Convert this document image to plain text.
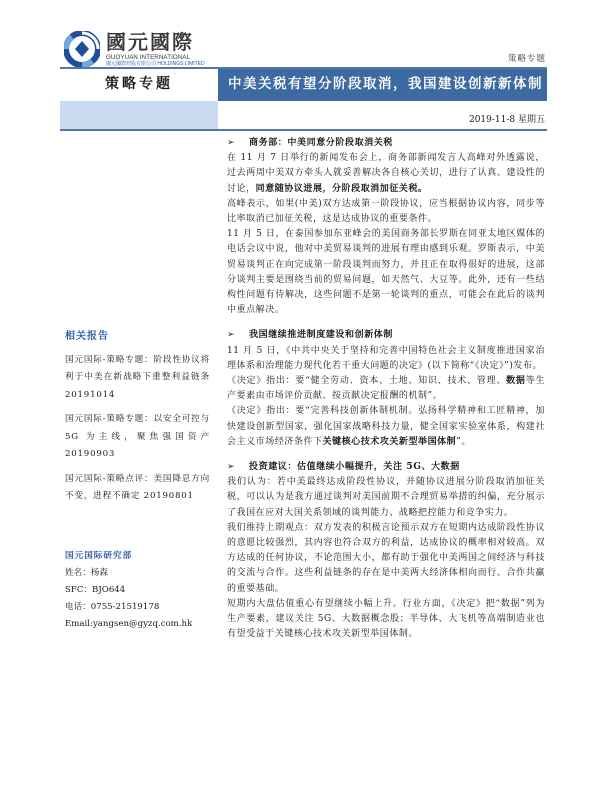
國元國際
GUOYUAN INTERNATIONAL
國元國際控股有限公司 HOLDINGS LIMITED	策略专题
策略专题	中美关税有望分阶段取消，我国建设创新新体制
2019-11-8 星期五
相关报告
国元国际-策略专题：阶段性协议将利于中美在新战略下重整利益链条 20191014
国元国际-策略专题：以安全可控与 5G 为主线，聚焦强国资产 20190903
国元国际-策略点评：美国降息方向不变，进程不确定 20190801
国元国际研究部
姓名：杨森
SFC：BJO644
电话：0755-21519178
Email:yangsen@gyzq.com.hk
➢ 商务部：中美同意分阶段取消关税
在 11 月 7 日举行的新闻发布会上，商务部新闻发言人高峰对外透露说，过去两周中美双方牵头人就妥善解决各自核心关切，进行了认真、建设性的讨论，同意随协议进展，分阶段取消加征关税。
高峰表示，如果(中美)双方达成第一阶段协议，应当根据协议内容，同步等比率取消已加征关税，这是达成协议的重要条件。
11 月 5 日，在泰国参加东亚峰会的美国商务部长罗斯在同亚太地区媒体的电话会议中说，他对中美贸易谈判的进展有理由感到乐观。罗斯表示，中美贸易谈判正在向完成第一阶段谈判而努力，并且正在取得很好的进展，这部分谈判主要是围绕当前的贸易问题，如天然气、大豆等。此外，还有一些结构性问题有待解决，这些问题不是第一轮谈判的重点，可能会在此后的谈判中重点解决。
➢ 我国继续推进制度建设和创新体制
11 月 5 日，《中共中央关于坚持和完善中国特色社会主义制度推进国家治理体系和治理能力现代化若干重大问题的决定》(以下简称“《决定》”)发布。
《决定》指出：要“健全劳动、资本、土地、知识、技术、管理、数据等生产要素由市场评价贡献、按贡献决定报酬的机制”。
《决定》指出：要“完善科技创新体制机制。弘扬科学精神和工匠精神，加快建设创新型国家，强化国家战略科技力量，健全国家实验室体系，构建社会主义市场经济条件下关键核心技术攻关新型举国体制”。
➢ 投资建议：估值继续小幅提升，关注 5G、大数据
我们认为：若中美最终达成阶段性协议，并随协议进展分阶段取消加征关税，可以认为是我方通过谈判对美国前期不合理贸易举措的纠偏，充分展示了我国在应对大国关系领域的谈判能力、战略把控能力和竞争实力。
我们维持上期观点：双方发表的积极言论预示双方在短期内达成阶段性协议的意愿比较强烈，其内容也符合双方的利益，达成协议的概率相对较高。双方达成的任何协议，不论范围大小，都有助于强化中美两国之间经济与科技的交流与合作。这些利益链条的存在是中美两大经济体相向而行、合作共赢的重要基础。
短期内大盘估值重心有望继续小幅上升。行业方面，《决定》把“数据”列为生产要素，建议关注 5G、大数据概念股；半导体、大飞机等高端制造业也有望受益于关键核心技术攻关新型举国体制。
